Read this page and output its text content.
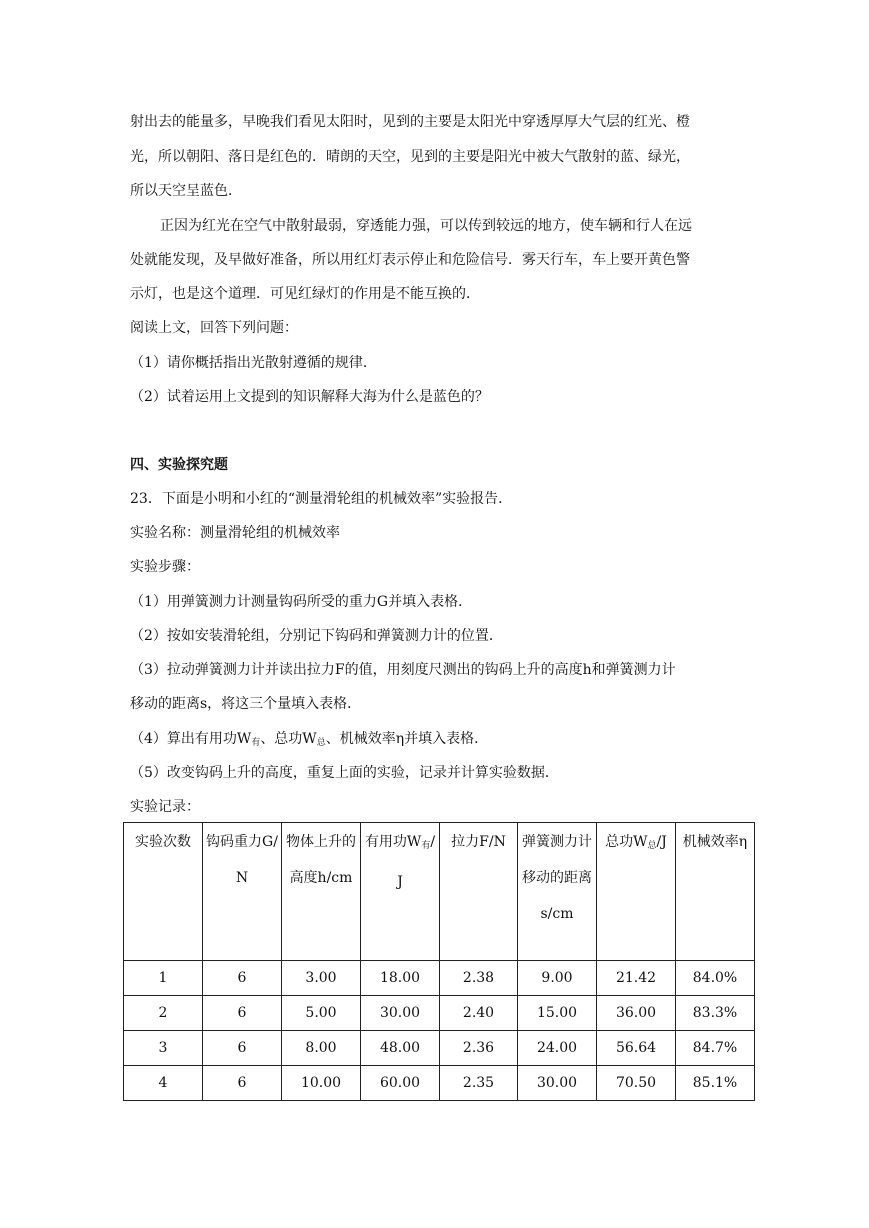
射出去的能量多，早晚我们看见太阳时，见到的主要是太阳光中穿透厚厚大气层的红光、橙
光，所以朝阳、落日是红色的．晴朗的天空，见到的主要是阳光中被大气散射的蓝、绿光，
所以天空呈蓝色．
正因为红光在空气中散射最弱，穿透能力强，可以传到较远的地方，使车辆和行人在远
处就能发现，及早做好准备，所以用红灯表示停止和危险信号．雾天行车，车上要开黄色警
示灯，也是这个道理．可见红绿灯的作用是不能互换的．
阅读上文，回答下列问题：
（1）请你概括指出光散射遵循的规律．
（2）试着运用上文提到的知识解释大海为什么是蓝色的？
四、实验探究题
23．下面是小明和小红的“测量滑轮组的机械效率”实验报告．
实验名称：测量滑轮组的机械效率
实验步骤：
（1）用弹簧测力计测量钩码所受的重力G并填入表格．
（2）按如安装滑轮组，分别记下钩码和弹簧测力计的位置．
（3）拉动弹簧测力计并读出拉力F的值，用刻度尺测出的钩码上升的高度h和弹簧测力计
移动的距离s，将这三个量填入表格．
（4）算出有用功$W_有$、总功$W_总$、机械效率η并填入表格．
（5）改变钩码上升的高度，重复上面的实验，记录并计算实验数据．
实验记录：
实验次数	钩码重力G/N	物体上升的高度h/cm	有用功$W_有/J$	拉力F/N	弹簧测力计移动的距离s/cm	总功$W_总/J$	机械效率η

1	6	3.00	18.00	2.38	9.00	21.42	84.0%
2	6	5.00	30.00	2.40	15.00	36.00	83.3%
3	6	8.00	48.00	2.36	24.00	56.64	84.7%
4	6	10.00	60.00	2.35	30.00	70.50	85.1%
